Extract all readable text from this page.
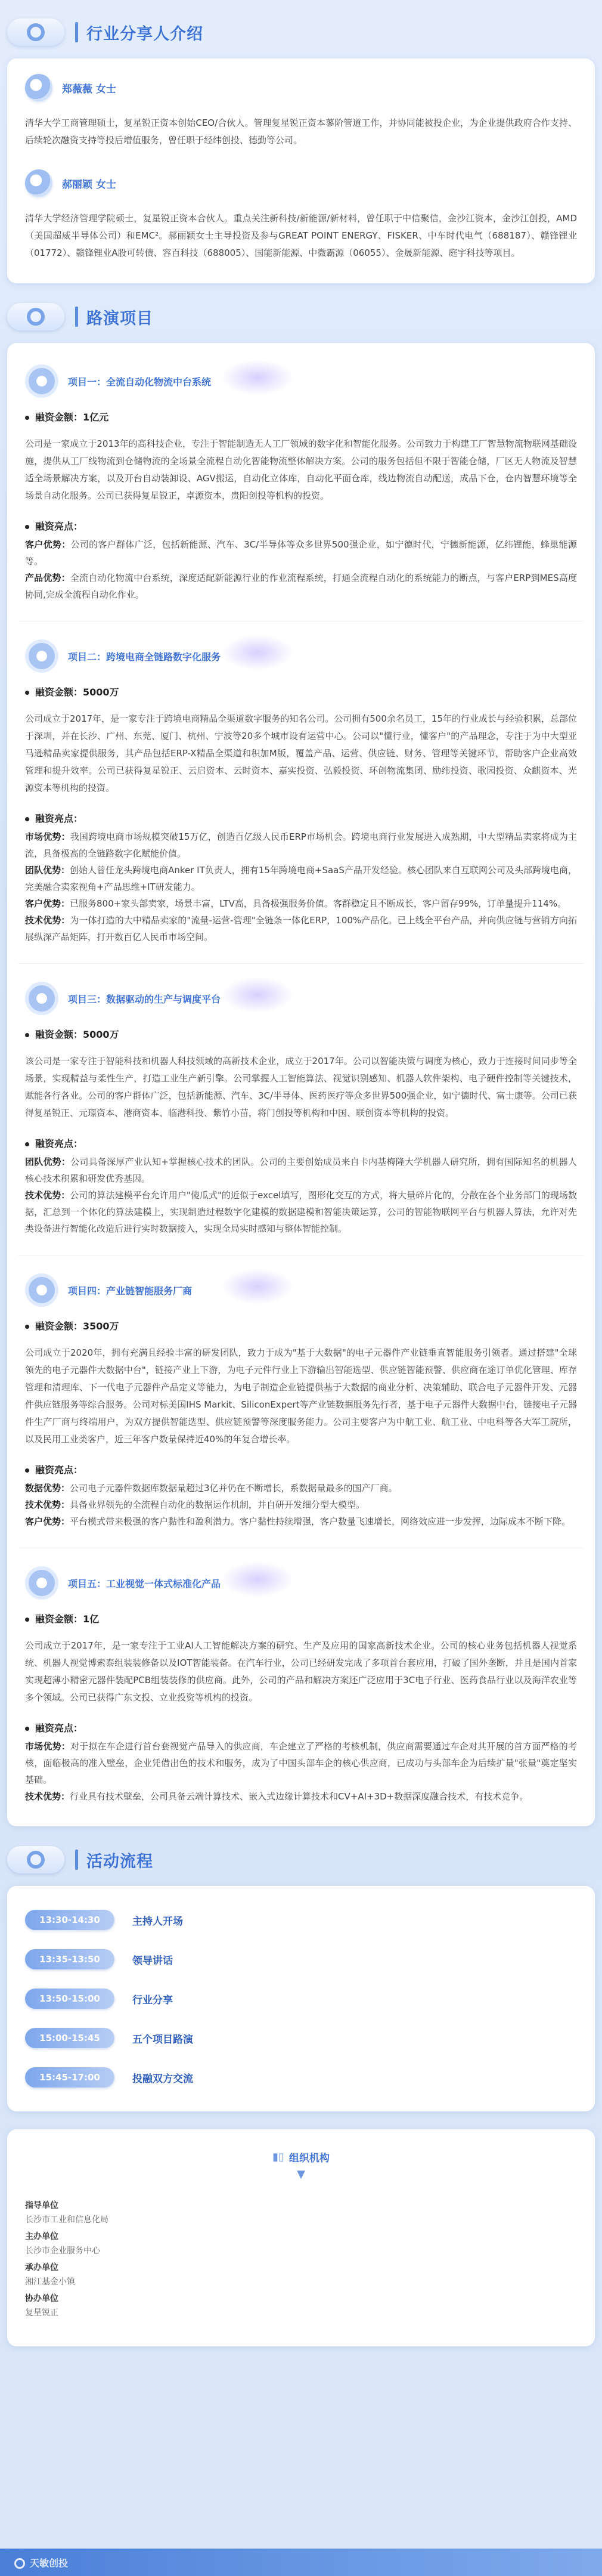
行业分享人介绍
郑薇薇 女士
清华大学工商管理硕士，复星锐正资本创始CEO/合伙人。管理复星锐正资本蓼阶管道工作，并协同能被投企业，为企业提供政府合作支持、后续轮次融资支持等投后增值服务，曾任职于经纬创投、德勤等公司。
郝丽颖 女士
清华大学经济管理学院硕士，复星锐正资本合伙人。重点关注新科技/新能源/新材料，曾任职于中信聚信，金沙江资本，金沙江创投，AMD（美国超威半导体公司）和EMC²。郝丽颖女士主导投资及参与GREAT POINT ENERGY、FISKER、中车时代电气（688187）、赣锋锂业（01772）、赣锋锂业A股可转债、容百科技（688005）、国能新能源、中微霸源（06055）、金晟新能源、庭宇科技等项目。
路演项目
项目一：全流自动化物流中台系统
融资金额：1亿元
公司是一家成立于2013年的高科技企业，专注于智能制造无人工厂领域的数字化和智能化服务。公司致力于构建工厂智慧物流物联网基础设施，提供从工厂线物流到仓储物流的全场景全流程自动化智能物流整体解决方案。公司的服务包括但不限于智能仓储，厂区无人物流及智慧适全场景解决方案，以及开台自动装卸设、AGV搬运，自动化立体库，自动化平面仓库，线边物流自动配送，成品下仓，仓内智慧环境等全场景自动化服务。公司已获得复星锐正，卓源资本，贵阳创投等机构的投资。
融资亮点：
客户优势：公司的客户群体广泛，包括新能源、汽车、3C/半导体等众多世界500强企业，如宁德时代，宁德新能源，亿纬锂能，蜂巢能源等。
产品优势：全流自动化物流中台系统，深度适配新能源行业的作业流程系统，打通全流程自动化的系统能力的断点，与客户ERP到MES高度协同,完成全流程自动化作业。
项目二：跨境电商全链路数字化服务
融资金额：5000万
公司成立于2017年，是一家专注于跨境电商精品全渠道数字服务的知名公司。公司拥有500余名员工，15年的行业成长与经验积累，总部位于深圳，并在长沙、广州、东莞、厦门、杭州、宁波等20多个城市设有运营中心。公司以"懂行业，懂客户"的产品理念，专注于为中大型亚马逊精品卖家提供服务，其产品包括ERP-X精品全渠道和积加M版，覆盖产品、运营、供应链、财务、管理等关键环节，帮助客户企业高效管理和提升效率。公司已获得复星锐正、云启资本、云时资本、嘉实投资、弘毅投资、环创物流集团、励纬投资、歌园投资、众麒资本、光源资本等机构的投资。
融资亮点：
市场优势：我国跨境电商市场规模突破15万亿，创造百亿级人民币ERP市场机会。跨境电商行业发展进入成熟期，中大型精品卖家将成为主流，具备极高的全链路数字化赋能价值。
团队优势：创始人曾任龙头跨境电商Anker IT负责人，拥有15年跨境电商+SaaS产品开发经验。核心团队来自互联网公司及头部跨境电商，完美融合卖家视角+产品思维+IT研发能力。
客户优势：已服务800+家头部卖家，场景丰富，LTV高，具备极强服务价值。客群稳定且不断成长，客户留存99%，订单量提升114%。
技术优势：为一体打造的大中精品卖家的"流量-运营-管理"全链条一体化ERP，100%产品化。已上线全平台产品，并向供应链与营销方向拓展纵深产品矩阵，打开数百亿人民币市场空间。
项目三：数据驱动的生产与调度平台
融资金额：5000万
该公司是一家专注于智能科技和机器人科技领域的高新技术企业，成立于2017年。公司以智能决策与调度为核心，致力于连接时间同步等全场景，实现精益与柔性生产，打造工业生产新引擎。公司掌握人工智能算法、视觉识别感知、机器人软件架构、电子硬件控制等关键技术，赋能各行各业。公司的客户群体广泛，包括新能源、汽车、3C/半导体、医药医疗等众多世界500强企业，如宁德时代、富士康等。公司已获得复星锐正、元璟资本、港商资本、临港科投、紫竹小苗，将门创投等机构和中国、联创资本等机构的投资。
融资亮点：
团队优势：公司具备深厚产业认知+掌握核心技术的团队。公司的主要创始成员来自卡内基梅隆大学机器人研究所，拥有国际知名的机器人核心技术积累和研发优秀基因。
技术优势：公司的算法建模平台允许用户"傻瓜式"的近似于excel填写，图形化交互的方式，将大量碎片化的，分散在各个业务部门的现场数据，汇总到一个体化的算法建模上，实现制造过程数字化建模的数据建模和智能决策运算，公司的智能物联网平台与机器人算法，允许对先类设备进行智能化改造后进行实时数据接入，实现全局实时感知与整体智能控制。
项目四：产业链智能服务厂商
融资金额：3500万
公司成立于2020年，拥有充满且经验丰富的研发团队，致力于成为"基于大数据"的电子元器件产业链垂直智能服务引领者。通过搭建"全球领先的电子元器件大数据中台"，链接产业上下游，为电子元件行业上下游输出智能选型、供应链智能预警、供应商在途订单优化管理、库存管理和清理库、下一代电子元器件产品定义等能力，为电子制造企业链提供基于大数据的商业分析、决策辅助、联合电子元器件开发、元器件供应链服务等综合服务。公司对标美国IHS Markit、SiliconExpert等产业链数据服务先行者，基于电子元器件大数据中台，链接电子元器件生产厂商与终端用户，为双方提供智能选型、供应链预警等深度服务能力。公司主要客户为中航工业、航工业、中电科等各大军工院所，以及民用工业类客户，近三年客户数量保持近40%的年复合增长率。
融资亮点：
数据优势：公司电子元器件数据库数据量超过3亿并仍在不断增长，系数据量最多的国产厂商。
技术优势：具备业界领先的全流程自动化的数据运作机制，并自研开发细分型大模型。
客户优势：平台模式带来极强的客户黏性和盈利潜力。客户黏性持续增强，客户数量飞速增长，网络效应进一步发挥，边际成本不断下降。
项目五：工业视觉一体式标准化产品
融资金额：1亿
公司成立于2017年，是一家专注于工业AI人工智能解决方案的研究、生产及应用的国家高新技术企业。公司的核心业务包括机器人视觉系统、机器人视觉博索泰组装装修备以及IOT智能装备。在汽车行业，公司已经研发完成了多项首台套应用，打破了国外垄断，并且是国内首家实现超薄小精密元器件装配PCB组装装修的供应商。此外，公司的产品和解决方案还广泛应用于3C电子行业、医药食品行业以及海洋农业等多个领域。公司已获得广东文投、立业投资等机构的投资。
融资亮点：
市场优势：对于拟在车企进行首台套视觉产品导入的供应商，车企建立了严格的考核机制，供应商需要通过车企对其开展的首方面严格的考核，面临极高的准入壁垒，企业凭借出色的技术和服务，成为了中国头部车企的核心供应商，已成功与头部车企为后续扩量"张量"奠定坚实基础。
技术优势：行业具有技术壁垒，公司具备云端计算技术、嵌入式边缘计算技术和CV+AI+3D+数据深度融合技术，有技术竞争。
活动流程
13:30-14:30	主持人开场
13:35-13:50	领导讲话
13:50-15:00	行业分享
15:00-15:45	五个项目路演
15:45-17:00	投融双方交流
▮▯ 组织机构
▼
指导单位
长沙市工业和信息化局
主办单位
长沙市企业服务中心
承办单位
湘江基金小镇
协办单位
复星锐正
天敏创投
